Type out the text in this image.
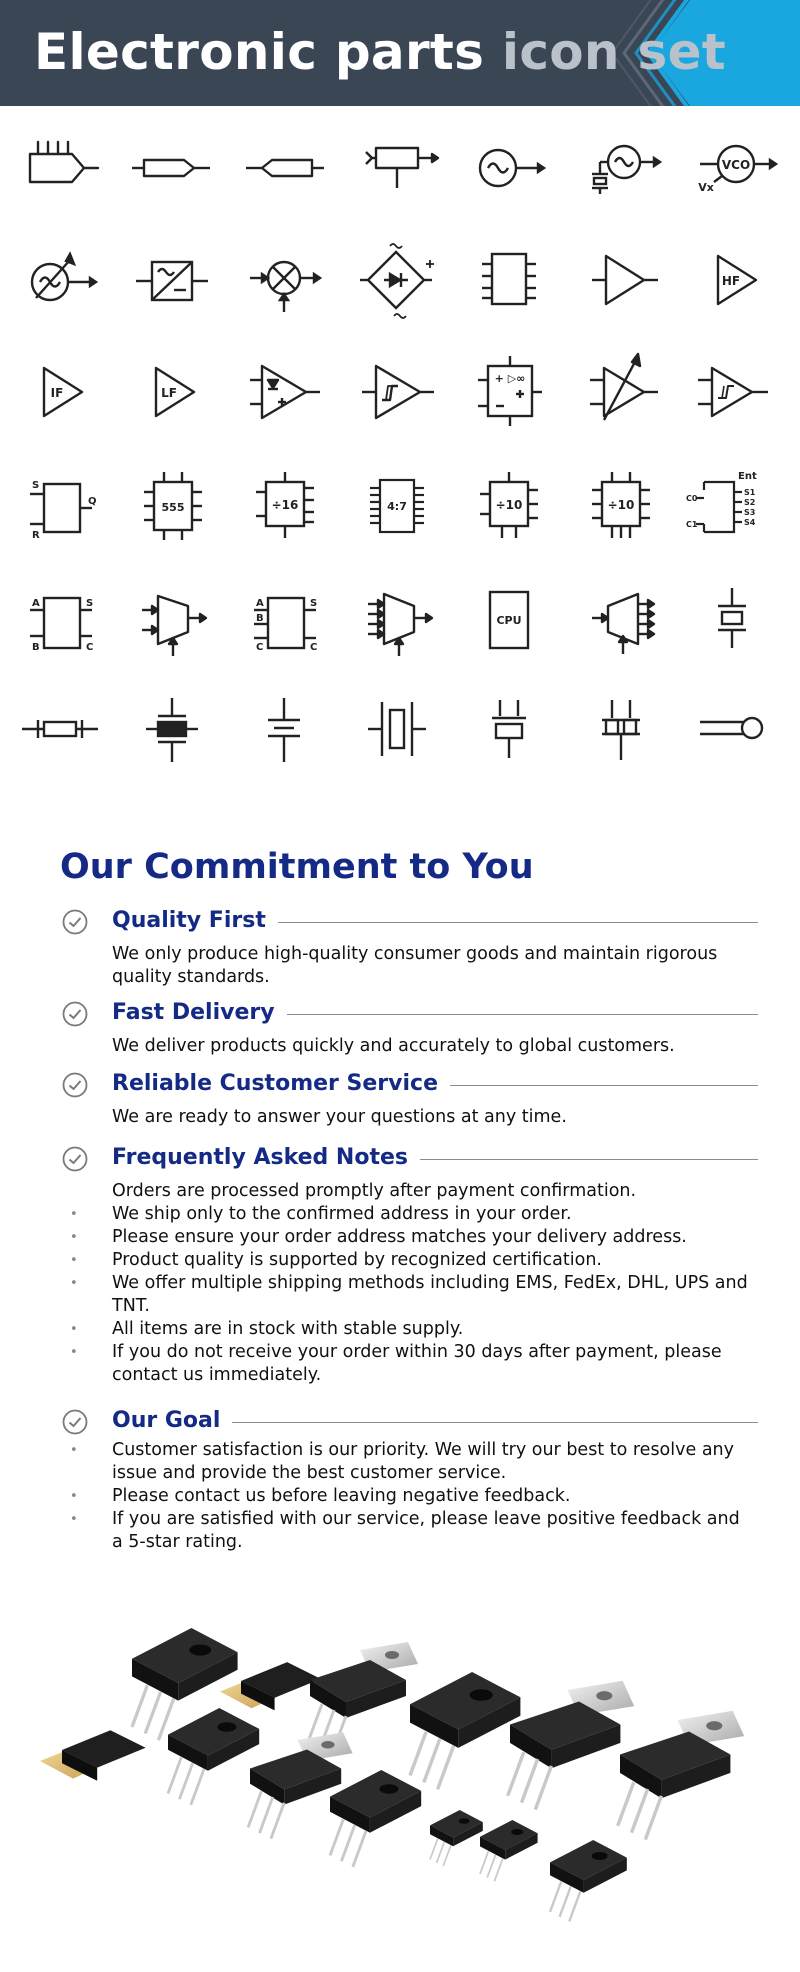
Electronic parts icon set
VCO
Vx
HF
IF	LF
+ ▷∞
S
R
Q	555	÷16	4:7	÷10	÷10
Ent
C0
C1
S1
S2
S3
S4
A
B
S
C
A
B
C
S
C
CPU
Our Commitment to You
Quality First

We only produce high-quality consumer goods and maintain rigorous quality standards.

Fast Delivery

We deliver products quickly and accurately to global customers.

Reliable Customer Service

We are ready to answer your questions at any time.

Frequently Asked Notes
Orders are processed promptly after payment confirmation.
• We ship only to the confirmed address in your order.
• Please ensure your order address matches your delivery address.
• Product quality is supported by recognized certification.
• We offer multiple shipping methods including EMS, FedEx, DHL, UPS and TNT.
• All items are in stock with stable supply.
• If you do not receive your order within 30 days after payment, please contact us immediately.
Our Goal
• Customer satisfaction is our priority. We will try our best to resolve any issue and provide the best customer service.
• Please contact us before leaving negative feedback.
• If you are satisfied with our service, please leave positive feedback and a 5-star rating.
